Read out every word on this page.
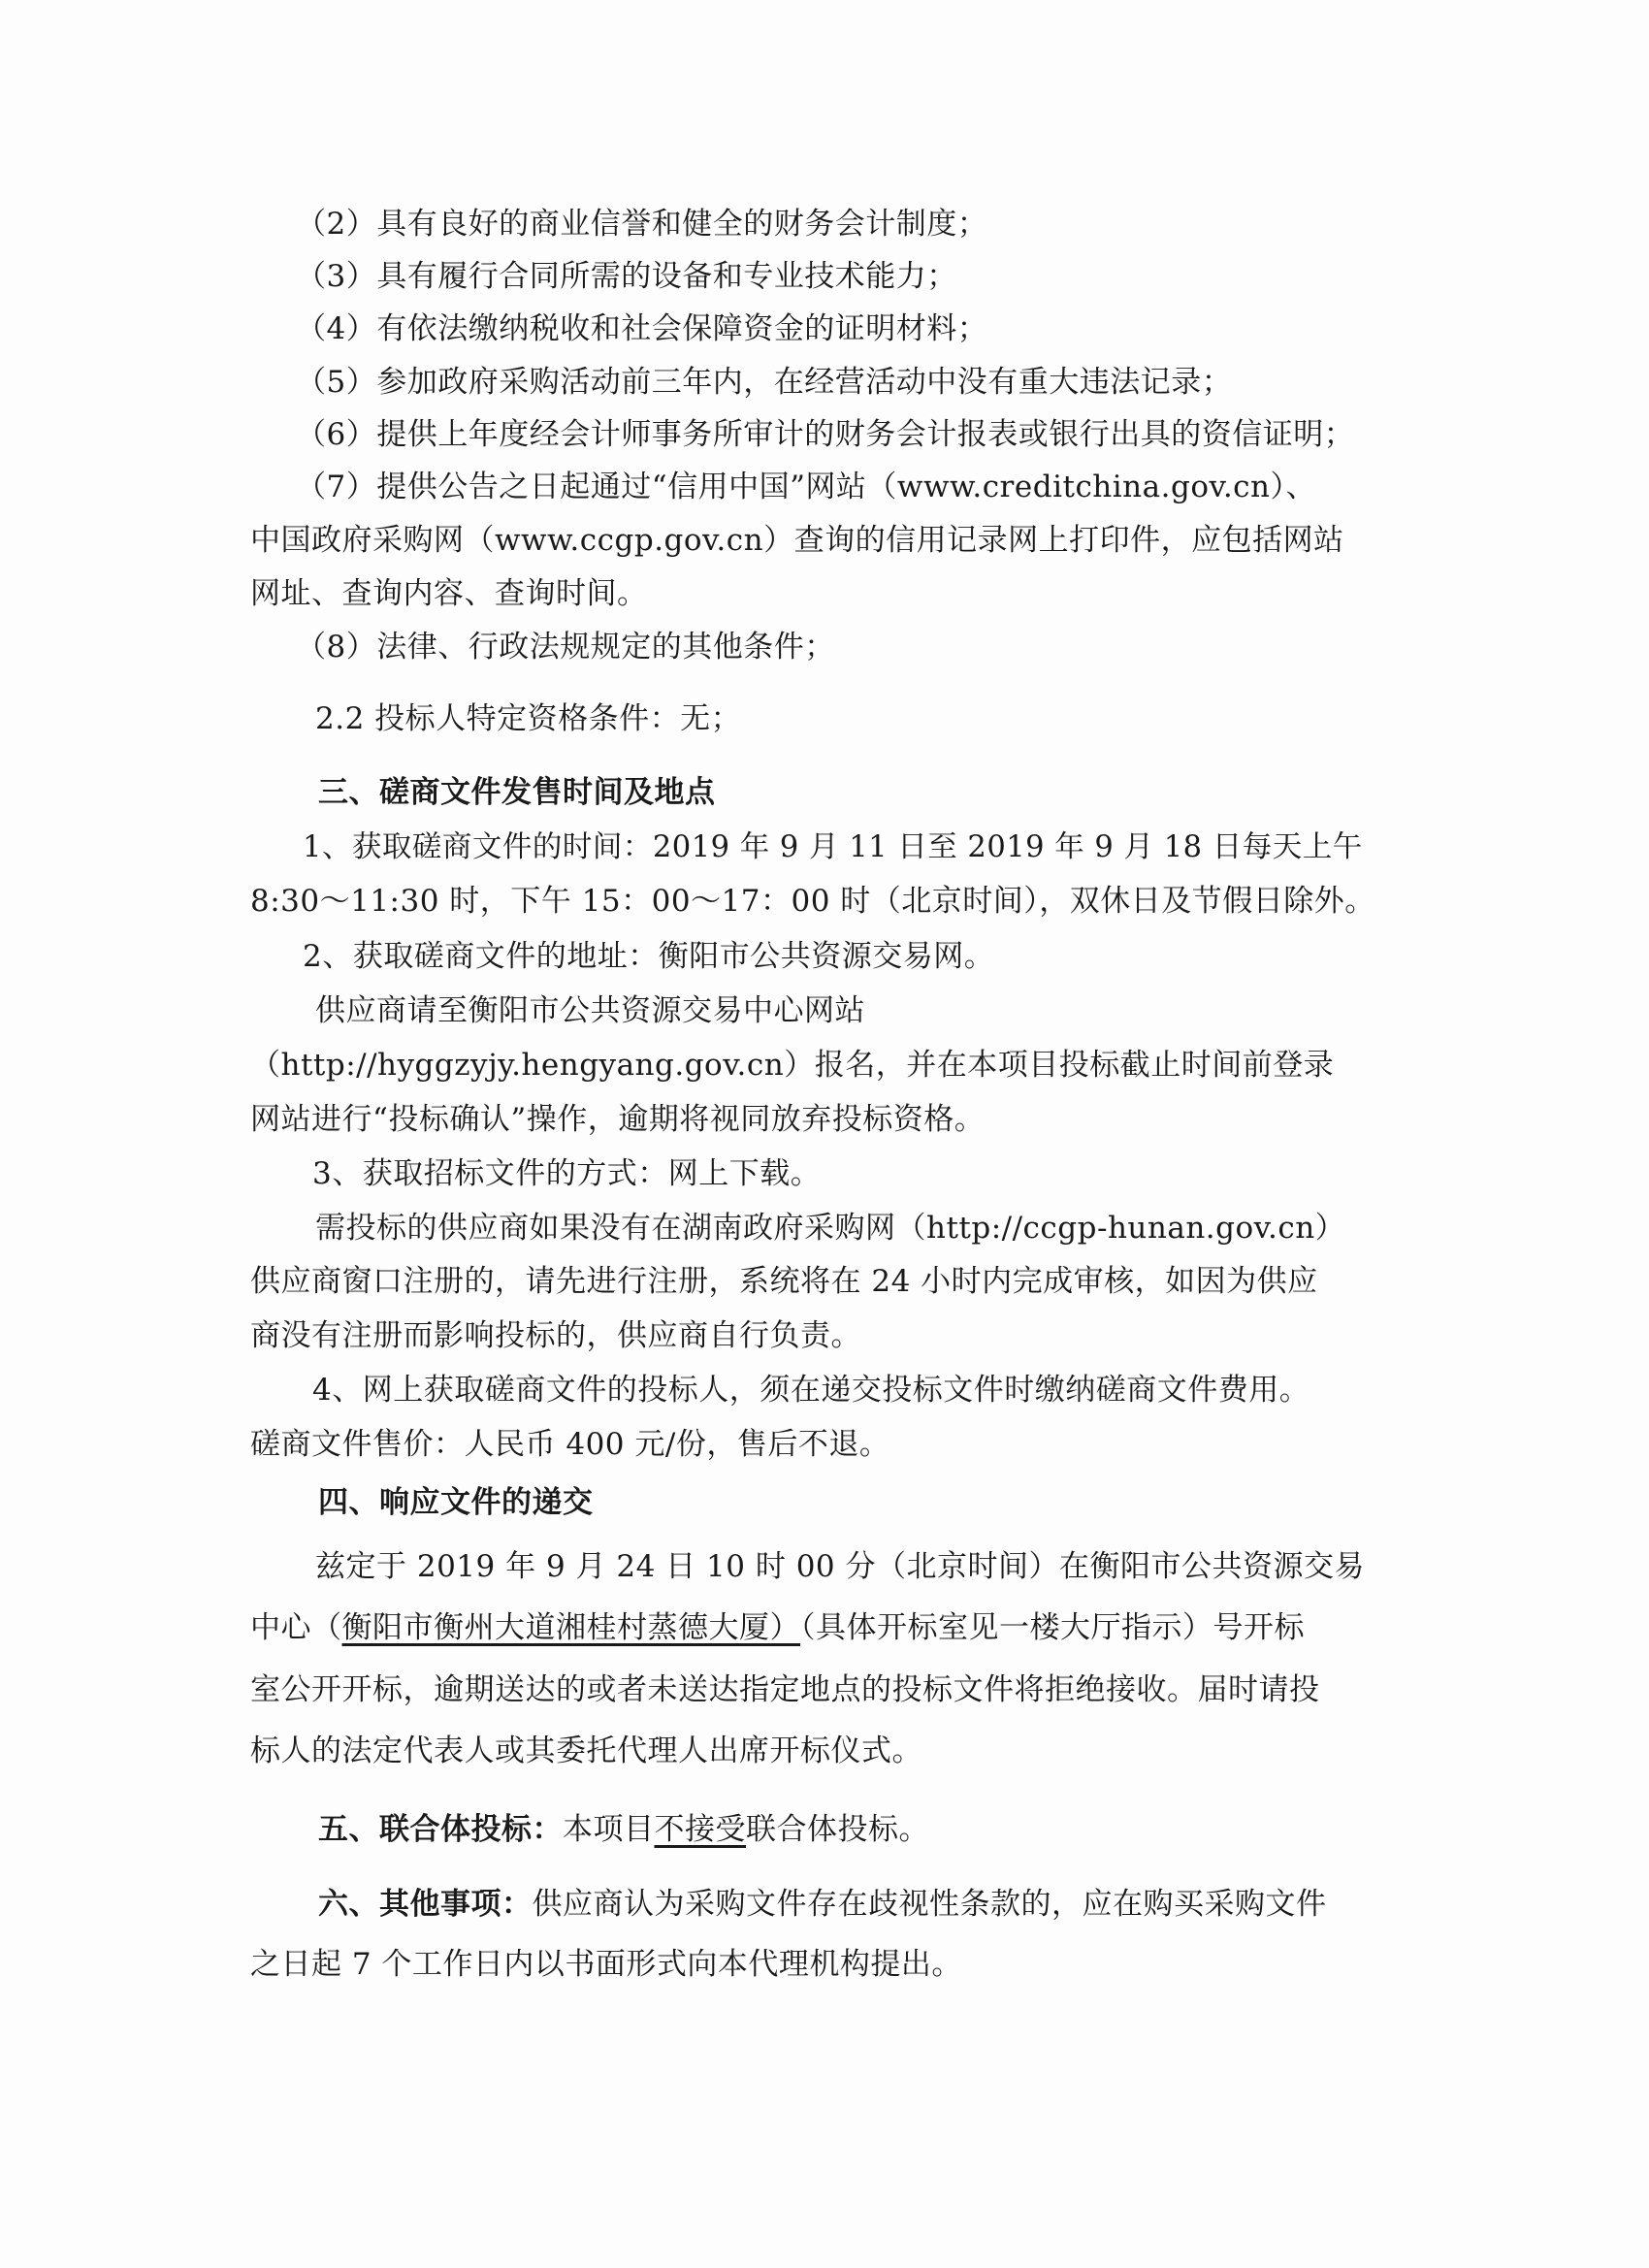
（2）具有良好的商业信誉和健全的财务会计制度；
（3）具有履行合同所需的设备和专业技术能力；
（4）有依法缴纳税收和社会保障资金的证明材料；
（5）参加政府采购活动前三年内，在经营活动中没有重大违法记录；
（6）提供上年度经会计师事务所审计的财务会计报表或银行出具的资信证明；
（7）提供公告之日起通过“信用中国”网站（www.creditchina.gov.cn）、
中国政府采购网（www.ccgp.gov.cn）查询的信用记录网上打印件，应包括网站
网址、查询内容、查询时间。
（8）法律、行政法规规定的其他条件；
2.2 投标人特定资格条件：无；
三、磋商文件发售时间及地点
1、获取磋商文件的时间：2019 年 9 月 11 日至 2019 年 9 月 18 日每天上午
8:30～11:30 时，下午 15：00～17：00 时（北京时间），双休日及节假日除外。
2、获取磋商文件的地址：衡阳市公共资源交易网。
供应商请至衡阳市公共资源交易中心网站
（http://hyggzyjy.hengyang.gov.cn）报名，并在本项目投标截止时间前登录
网站进行“投标确认”操作，逾期将视同放弃投标资格。
3、获取招标文件的方式：网上下载。
需投标的供应商如果没有在湖南政府采购网（http://ccgp-hunan.gov.cn）
供应商窗口注册的，请先进行注册，系统将在 24 小时内完成审核，如因为供应
商没有注册而影响投标的，供应商自行负责。
4、网上获取磋商文件的投标人，须在递交投标文件时缴纳磋商文件费用。
磋商文件售价：人民币 400 元/份，售后不退。
四、响应文件的递交
兹定于 2019 年 9 月 24 日 10 时 00 分（北京时间）在衡阳市公共资源交易
中心（衡阳市衡州大道湘桂村蒸德大厦）（具体开标室见一楼大厅指示）号开标
室公开开标，逾期送达的或者未送达指定地点的投标文件将拒绝接收。届时请投
标人的法定代表人或其委托代理人出席开标仪式。
五、联合体投标：本项目不接受联合体投标。
六、其他事项：供应商认为采购文件存在歧视性条款的，应在购买采购文件
之日起 7 个工作日内以书面形式向本代理机构提出。
